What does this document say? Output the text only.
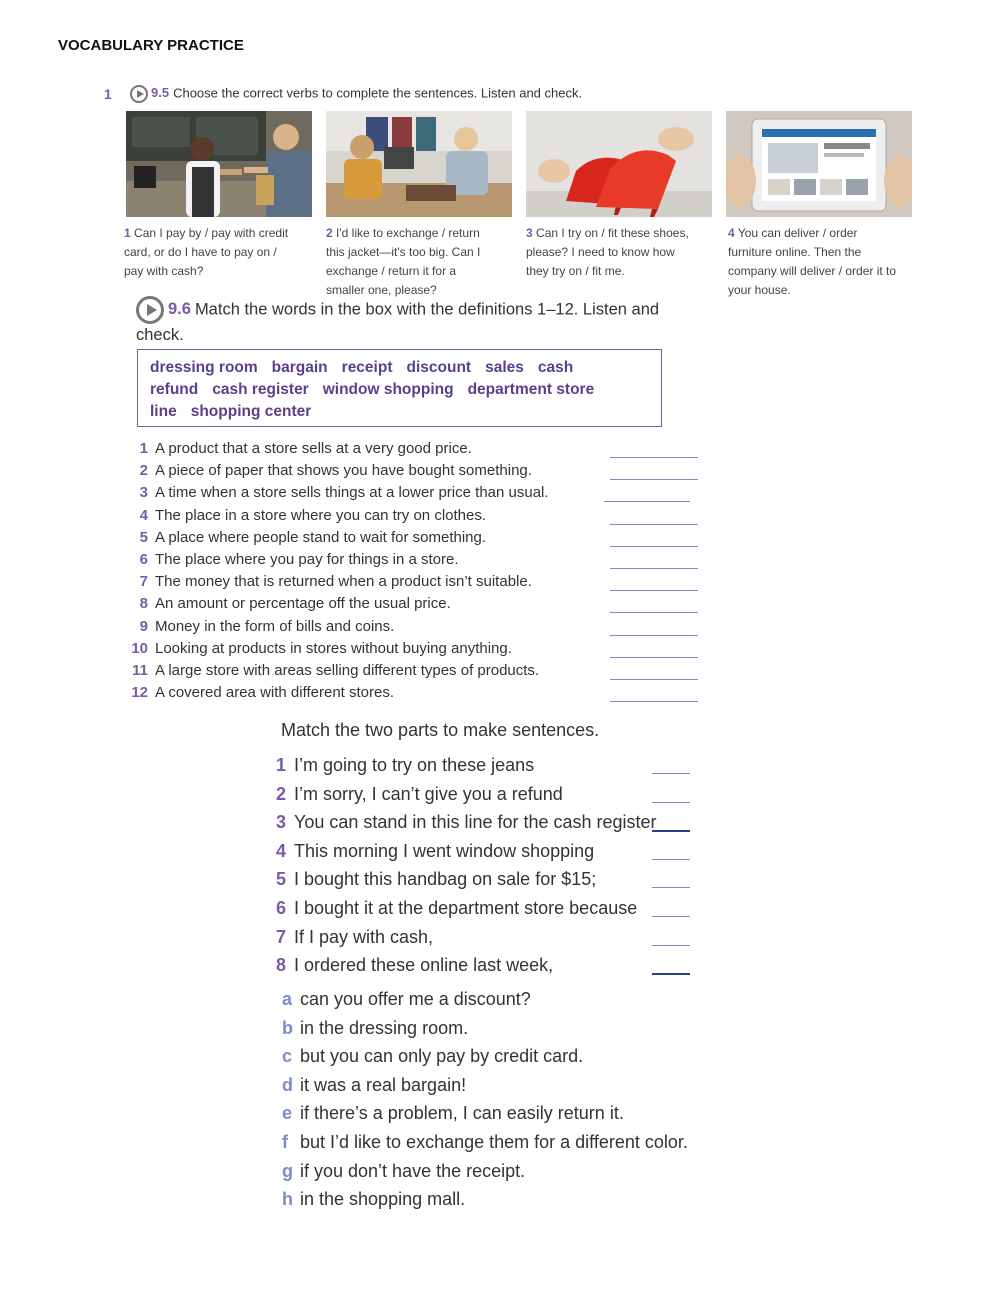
VOCABULARY PRACTICE
1	9.5 Choose the correct verbs to complete the sentences. Listen and check.
1 Can I pay by / pay with credit card, or do I have to pay on / pay with cash?
2 I'd like to exchange / return this jacket—it's too big. Can I exchange / return it for a smaller one, please?
3 Can I try on / fit these shoes, please? I need to know how they try on / fit me.
4 You can deliver / order furniture online. Then the company will deliver / order it to your house.
9.6 Match the words in the box with the definitions 1–12. Listen and check.
dressing room bargain receipt discount sales cash
refund cash register window shopping department store
line shopping center
1 A product that a store sells at a very good price.
2 A piece of paper that shows you have bought something.
3 A time when a store sells things at a lower price than usual.
4 The place in a store where you can try on clothes.
5 A place where people stand to wait for something.
6 The place where you pay for things in a store.
7 The money that is returned when a product isn’t suitable.
8 An amount or percentage off the usual price.
9 Money in the form of bills and coins.
10 Looking at products in stores without buying anything.
11 A large store with areas selling different types of products.
12 A covered area with different stores.
Match the two parts to make sentences.
1 I’m going to try on these jeans
2 I’m sorry, I can’t give you a refund
3 You can stand in this line for the cash register
4 This morning I went window shopping
5 I bought this handbag on sale for $15;
6 I bought it at the department store because
7 If I pay with cash,
8 I ordered these online last week,
a can you offer me a discount?
b in the dressing room.
c but you can only pay by credit card.
d it was a real bargain!
e if there’s a problem, I can easily return it.
f but I’d like to exchange them for a different color.
g if you don’t have the receipt.
h in the shopping mall.
